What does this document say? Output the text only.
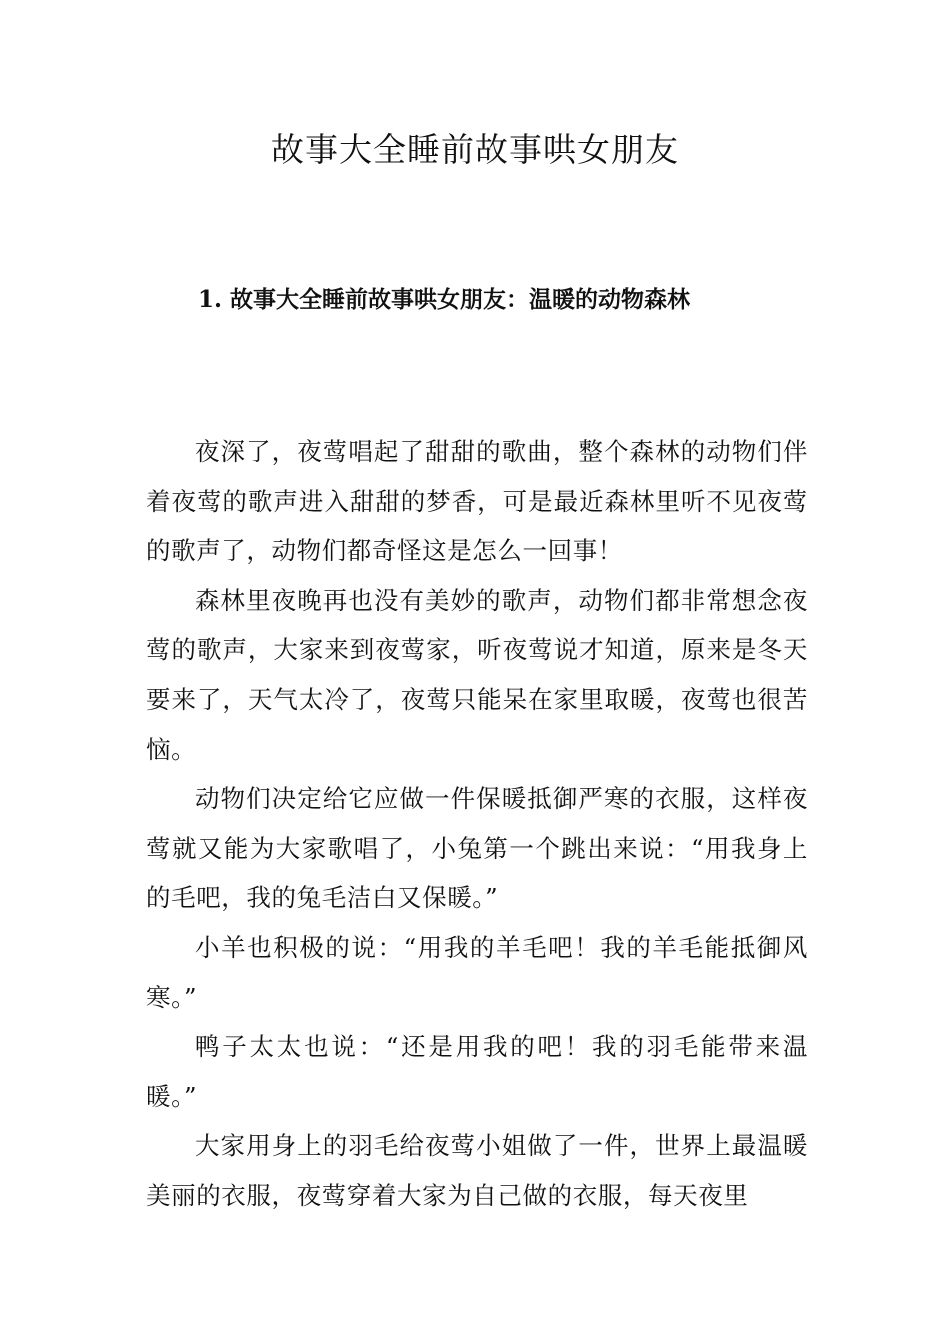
故事大全睡前故事哄女朋友
1. 故事大全睡前故事哄女朋友：温暖的动物森林

夜深了，夜莺唱起了甜甜的歌曲，整个森林的动物们伴着夜莺的歌声进入甜甜的梦香，可是最近森林里听不见夜莺的歌声了，动物们都奇怪这是怎么一回事！

森林里夜晚再也没有美妙的歌声，动物们都非常想念夜莺的歌声，大家来到夜莺家，听夜莺说才知道，原来是冬天要来了，天气太冷了，夜莺只能呆在家里取暖，夜莺也很苦恼。

动物们决定给它应做一件保暖抵御严寒的衣服，这样夜莺就又能为大家歌唱了，小兔第一个跳出来说：“用我身上的毛吧，我的兔毛洁白又保暖。”

小羊也积极的说：“用我的羊毛吧！我的羊毛能抵御风寒。”

鸭子太太也说：“还是用我的吧！我的羽毛能带来温暖。”

大家用身上的羽毛给夜莺小姐做了一件，世界上最温暖美丽的衣服，夜莺穿着大家为自己做的衣服，每天夜里
